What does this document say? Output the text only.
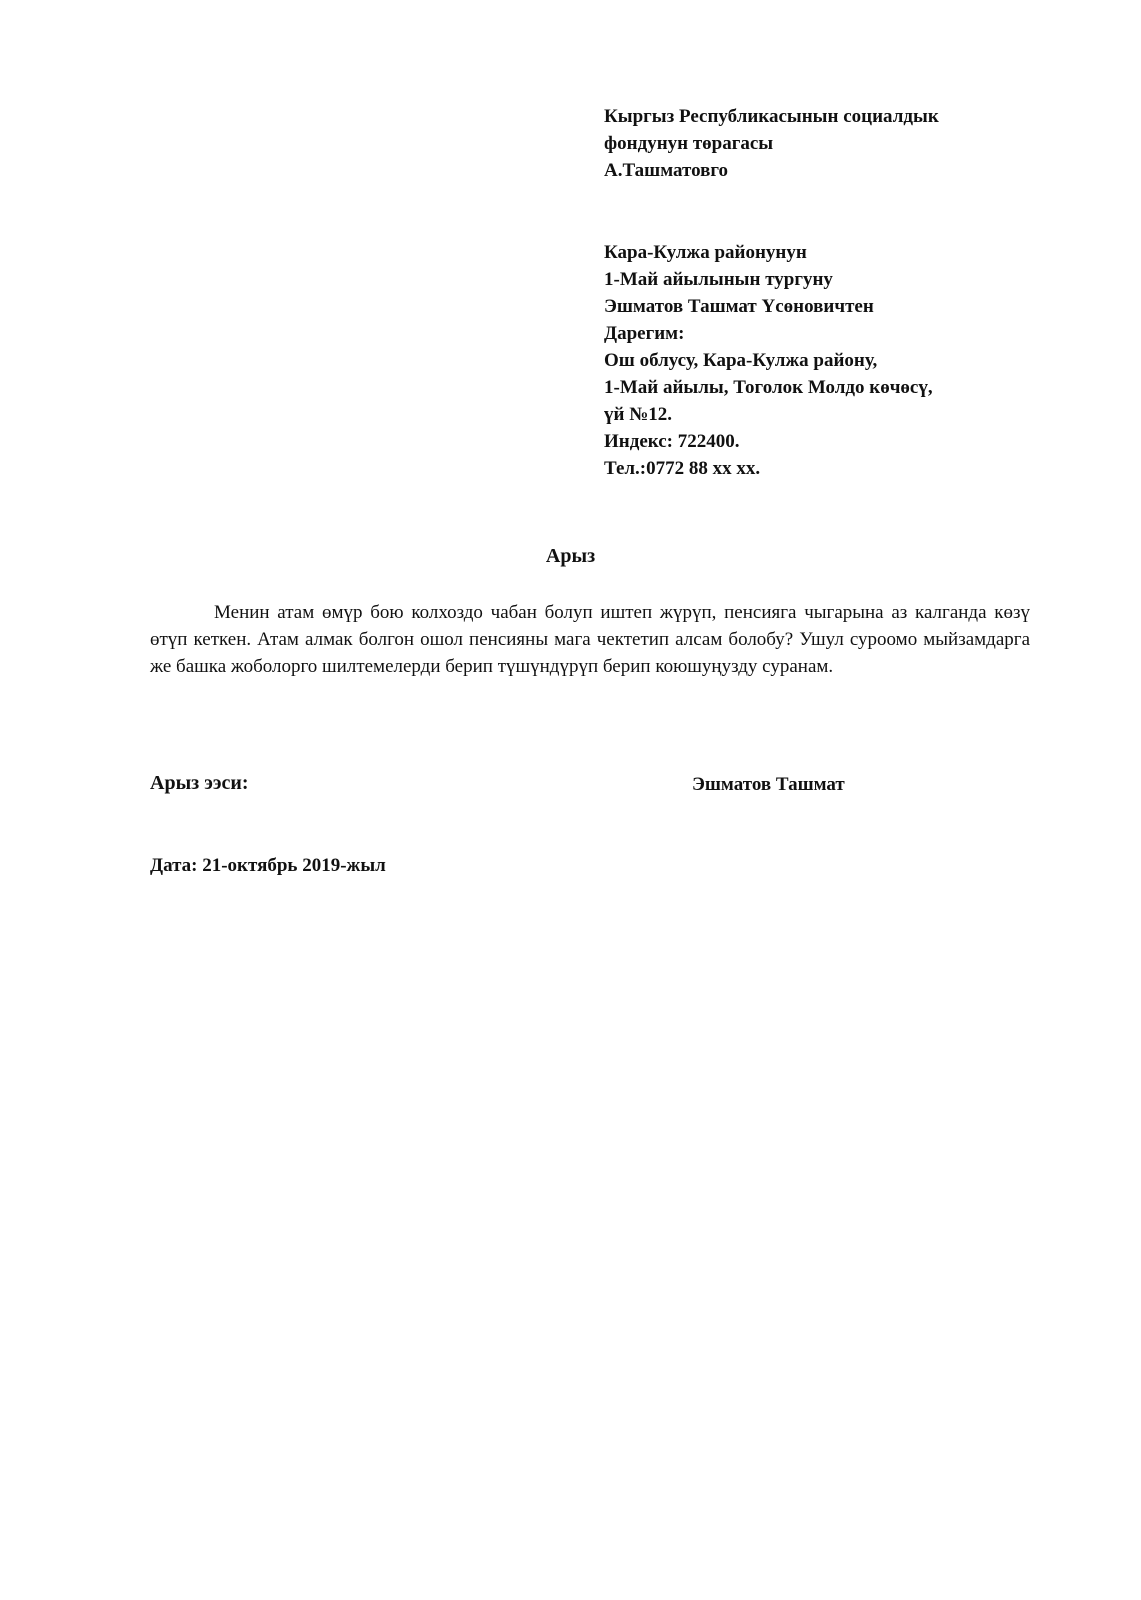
Кыргыз Республикасынын социалдык
фондунун төрагасы
А.Ташматовго
Кара-Кулжа районунун
1-Май айылынын тургуну
Эшматов Ташмат Үсөновичтен
Дарегим:
Ош облусу, Кара-Кулжа району,
1-Май айылы, Тоголок Молдо көчөсү,
үй №12.
Индекс: 722400.
Тел.:0772 88 хх хх.
Арыз
Менин атам өмүр бою колхоздо чабан болуп иштеп жүрүп, пенсияга чыгарына аз калганда көзү өтүп кеткен. Атам алмак болгон ошол пенсияны мага чектетип алсам болобу? Ушул суроомо мыйзамдарга же башка жоболорго шилтемелерди берип түшүндүрүп берип коюшуңузду суранам.
Арыз ээси:	Эшматов Ташмат
Дата: 21-октябрь 2019-жыл
